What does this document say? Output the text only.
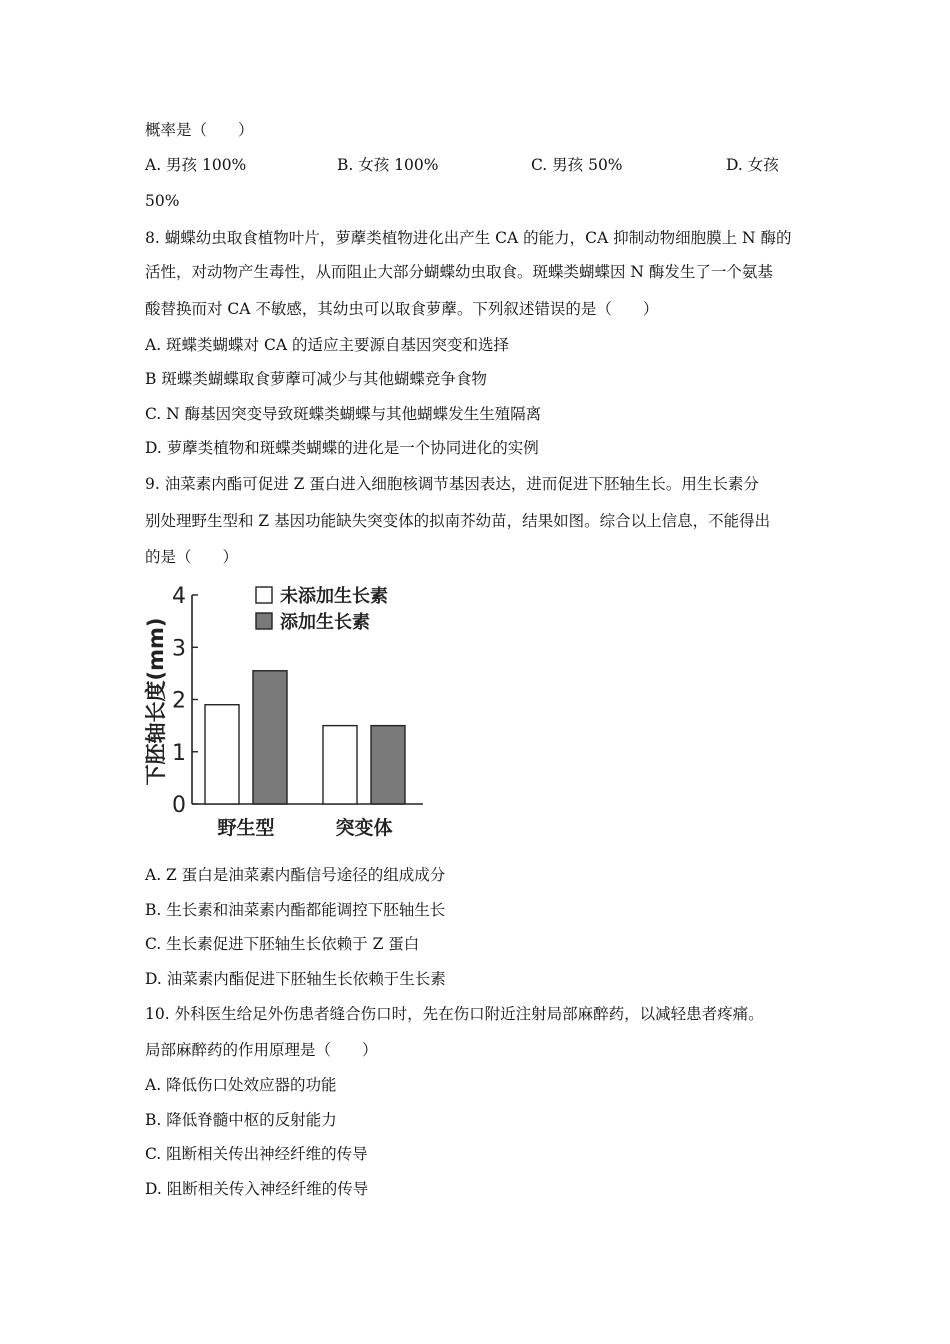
概率是（　　）
A. 男孩 100%	B. 女孩 100%	C. 男孩 50%	D. 女孩
50%
8. 蝴蝶幼虫取食植物叶片，萝藦类植物进化出产生 CA 的能力，CA 抑制动物细胞膜上 N 酶的
活性，对动物产生毒性，从而阻止大部分蝴蝶幼虫取食。斑蝶类蝴蝶因 N 酶发生了一个氨基
酸替换而对 CA 不敏感，其幼虫可以取食萝藦。下列叙述错误的是（　　）
A. 斑蝶类蝴蝶对 CA 的适应主要源自基因突变和选择
B 斑蝶类蝴蝶取食萝藦可减少与其他蝴蝶竞争食物
C. N 酶基因突变导致斑蝶类蝴蝶与其他蝴蝶发生生殖隔离
D. 萝藦类植物和斑蝶类蝴蝶的进化是一个协同进化的实例
9. 油菜素内酯可促进 Z 蛋白进入细胞核调节基因表达，进而促进下胚轴生长。用生长素分
别处理野生型和 Z 基因功能缺失突变体的拟南芥幼苗，结果如图。综合以上信息，不能得出
的是（　　）
0
1
2
3
4
下胚轴长度(mm)
野生型	突变体
未添加生长素
添加生长素
A. Z 蛋白是油菜素内酯信号途径的组成成分
B. 生长素和油菜素内酯都能调控下胚轴生长
C. 生长素促进下胚轴生长依赖于 Z 蛋白
D. 油菜素内酯促进下胚轴生长依赖于生长素
10. 外科医生给足外伤患者缝合伤口时，先在伤口附近注射局部麻醉药，以减轻患者疼痛。
局部麻醉药的作用原理是（　　）
A. 降低伤口处效应器的功能
B. 降低脊髓中枢的反射能力
C. 阻断相关传出神经纤维的传导
D. 阻断相关传入神经纤维的传导
